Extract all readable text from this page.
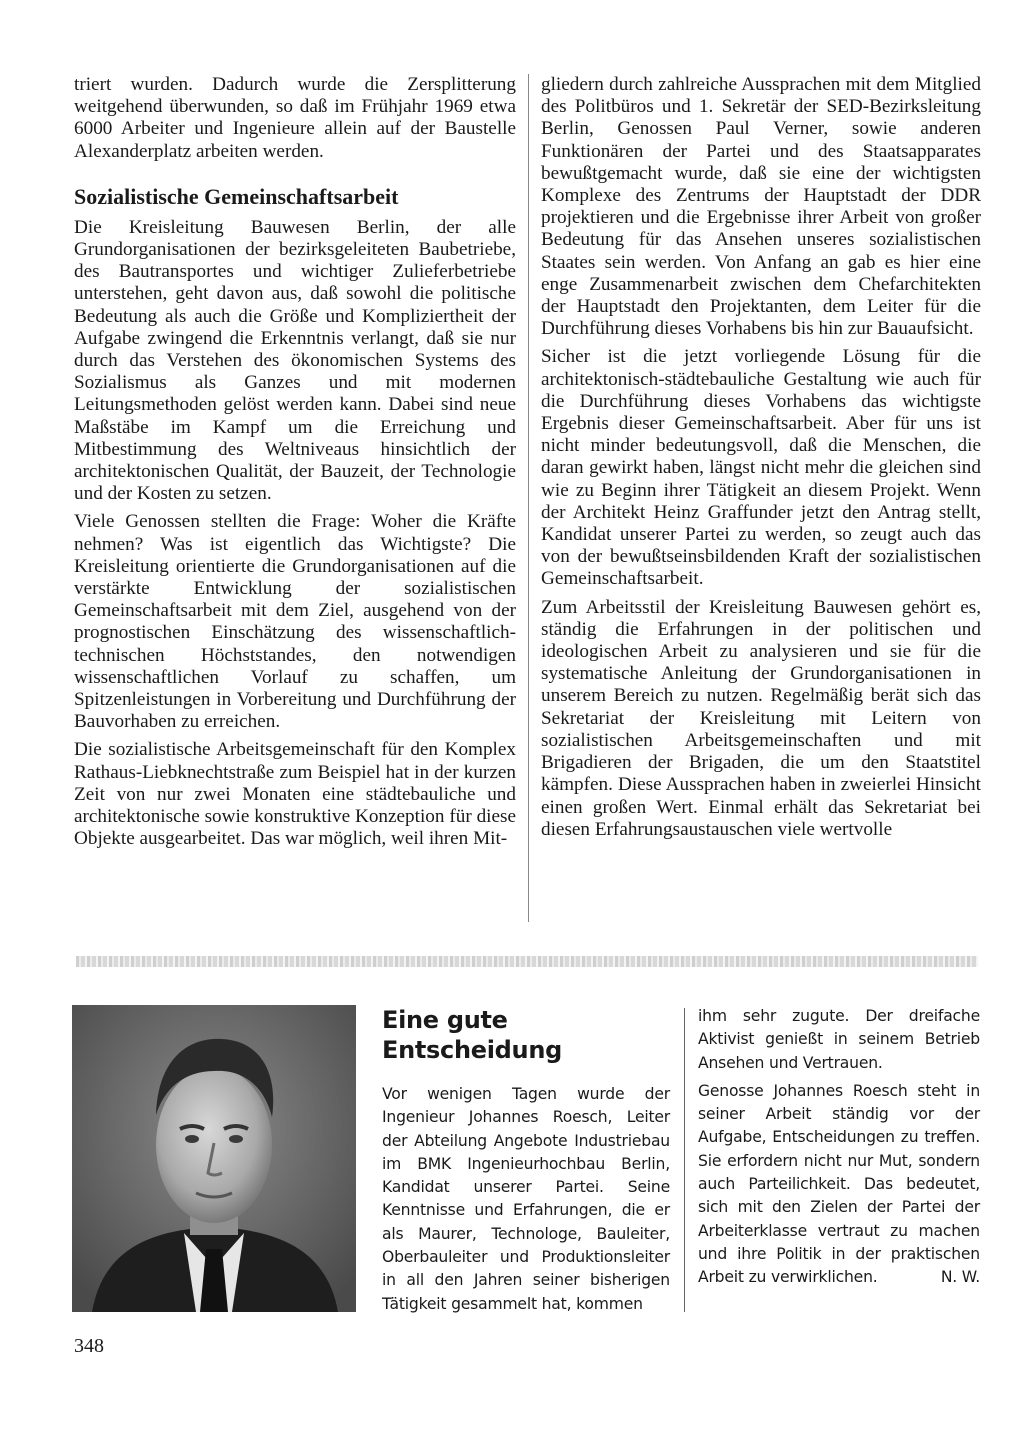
triert wurden. Dadurch wurde die Zersplitterung weitgehend überwunden, so daß im Frühjahr 1969 etwa 6000 Arbeiter und Ingenieure allein auf der Baustelle Alexanderplatz arbeiten werden.

Sozialistische Gemeinschaftsarbeit

Die Kreisleitung Bauwesen Berlin, der alle Grundorganisationen der bezirksgeleiteten Baubetriebe, des Bautransportes und wichtiger Zulieferbetriebe unterstehen, geht davon aus, daß sowohl die politische Bedeutung als auch die Größe und Kompliziertheit der Aufgabe zwingend die Erkenntnis verlangt, daß sie nur durch das Verstehen des ökonomischen Systems des Sozialismus als Ganzes und mit modernen Leitungsmethoden gelöst werden kann. Dabei sind neue Maßstäbe im Kampf um die Erreichung und Mitbestimmung des Weltniveaus hinsichtlich der architektonischen Qualität, der Bauzeit, der Technologie und der Kosten zu setzen.

Viele Genossen stellten die Frage: Woher die Kräfte nehmen? Was ist eigentlich das Wichtigste? Die Kreisleitung orientierte die Grundorganisationen auf die verstärkte Entwicklung der sozialistischen Gemeinschaftsarbeit mit dem Ziel, ausgehend von der prognostischen Einschätzung des wissenschaftlich-technischen Höchststandes, den notwendigen wissenschaftlichen Vorlauf zu schaffen, um Spitzenleistungen in Vorbereitung und Durchführung der Bauvorhaben zu erreichen.

Die sozialistische Arbeitsgemeinschaft für den Komplex Rathaus-Liebknechtstraße zum Beispiel hat in der kurzen Zeit von nur zwei Monaten eine städtebauliche und architektonische sowie konstruktive Konzeption für diese Objekte ausgearbeitet. Das war möglich, weil ihren Mit-

gliedern durch zahlreiche Aussprachen mit dem Mitglied des Politbüros und 1. Sekretär der SED-Bezirksleitung Berlin, Genossen Paul Verner, sowie anderen Funktionären der Partei und des Staatsapparates bewußtgemacht wurde, daß sie eine der wichtigsten Komplexe des Zentrums der Hauptstadt der DDR projektieren und die Ergebnisse ihrer Arbeit von großer Bedeutung für das Ansehen unseres sozialistischen Staates sein werden. Von Anfang an gab es hier eine enge Zusammenarbeit zwischen dem Chefarchitekten der Hauptstadt den Projektanten, dem Leiter für die Durchführung dieses Vorhabens bis hin zur Bauaufsicht.

Sicher ist die jetzt vorliegende Lösung für die architektonisch-städtebauliche Gestaltung wie auch für die Durchführung dieses Vorhabens das wichtigste Ergebnis dieser Gemeinschaftsarbeit. Aber für uns ist nicht minder bedeutungsvoll, daß die Menschen, die daran gewirkt haben, längst nicht mehr die gleichen sind wie zu Beginn ihrer Tätigkeit an diesem Projekt. Wenn der Architekt Heinz Graffunder jetzt den Antrag stellt, Kandidat unserer Partei zu werden, so zeugt auch das von der bewußtseinsbildenden Kraft der sozialistischen Gemeinschaftsarbeit.

Zum Arbeitsstil der Kreisleitung Bauwesen gehört es, ständig die Erfahrungen in der politischen und ideologischen Arbeit zu analysieren und sie für die systematische Anleitung der Grundorganisationen in unserem Bereich zu nutzen. Regelmäßig berät sich das Sekretariat der Kreisleitung mit Leitern von sozialistischen Arbeitsgemeinschaften und mit Brigadieren der Brigaden, die um den Staatstitel kämpfen. Diese Aussprachen haben in zweierlei Hinsicht einen großen Wert. Einmal erhält das Sekretariat bei diesen Erfahrungsaustauschen viele wertvolle

Eine gute Entscheidung

Vor wenigen Tagen wurde der Ingenieur Johannes Roesch, Leiter der Abteilung Angebote Industriebau im BMK Ingenieurhochbau Berlin, Kandidat unserer Partei. Seine Kenntnisse und Erfahrungen, die er als Maurer, Technologe, Bauleiter, Oberbauleiter und Produktionsleiter in all den Jahren seiner bisherigen Tätigkeit gesammelt hat, kommen

ihm sehr zugute. Der dreifache Aktivist genießt in seinem Betrieb Ansehen und Vertrauen.

Genosse Johannes Roesch steht in seiner Arbeit ständig vor der Aufgabe, Entscheidungen zu treffen. Sie erfordern nicht nur Mut, sondern auch Parteilichkeit. Das bedeutet, sich mit den Zielen der Partei der Arbeiterklasse vertraut zu machen und ihre Politik in der praktischen Arbeit zu verwirklichen.	N. W.

348
